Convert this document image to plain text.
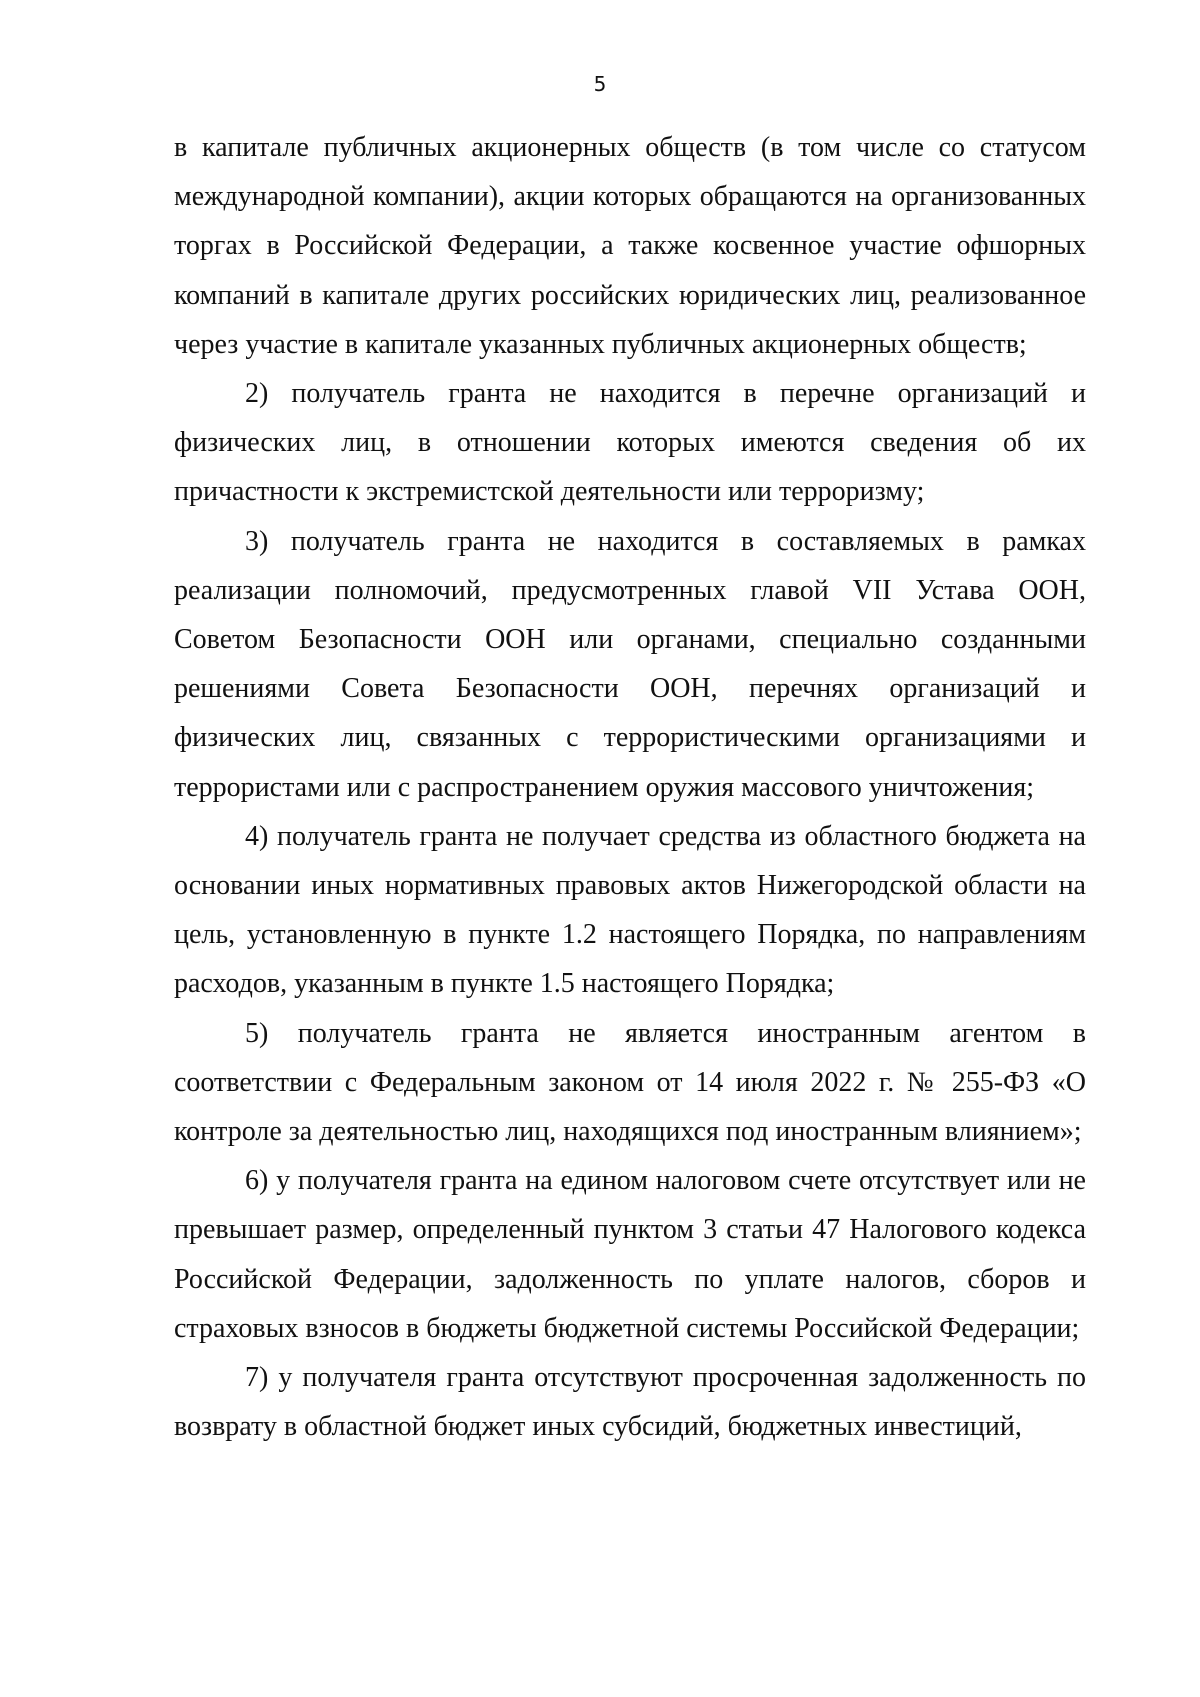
5

в капитале публичных акционерных обществ (в том числе со статусом международной компании), акции которых обращаются на организованных торгах в Российской Федерации, а также косвенное участие офшорных компаний в капитале других российских юридических лиц, реализованное через участие в капитале указанных публичных акционерных обществ;

2) получатель гранта не находится в перечне организаций и физических лиц, в отношении которых имеются сведения об их причастности к экстремистской деятельности или терроризму;

3) получатель гранта не находится в составляемых в рамках реализации полномочий, предусмотренных главой VII Устава ООН, Советом Безопасности ООН или органами, специально созданными решениями Совета Безопасности ООН, перечнях организаций и физических лиц, связанных с террористическими организациями и террористами или с распространением оружия массового уничтожения;

4) получатель гранта не получает средства из областного бюджета на основании иных нормативных правовых актов Нижегородской области на цель, установленную в пункте 1.2 настоящего Порядка, по направлениям расходов, указанным в пункте 1.5 настоящего Порядка;

5) получатель гранта не является иностранным агентом в соответствии с Федеральным законом от 14 июля 2022 г. № 255-ФЗ «О контроле за деятельностью лиц, находящихся под иностранным влиянием»;

6) у получателя гранта на едином налоговом счете отсутствует или не превышает размер, определенный пунктом 3 статьи 47 Налогового кодекса Российской Федерации, задолженность по уплате налогов, сборов и страховых взносов в бюджеты бюджетной системы Российской Федерации;

7) у получателя гранта отсутствуют просроченная задолженность по возврату в областной бюджет иных субсидий, бюджетных инвестиций,
